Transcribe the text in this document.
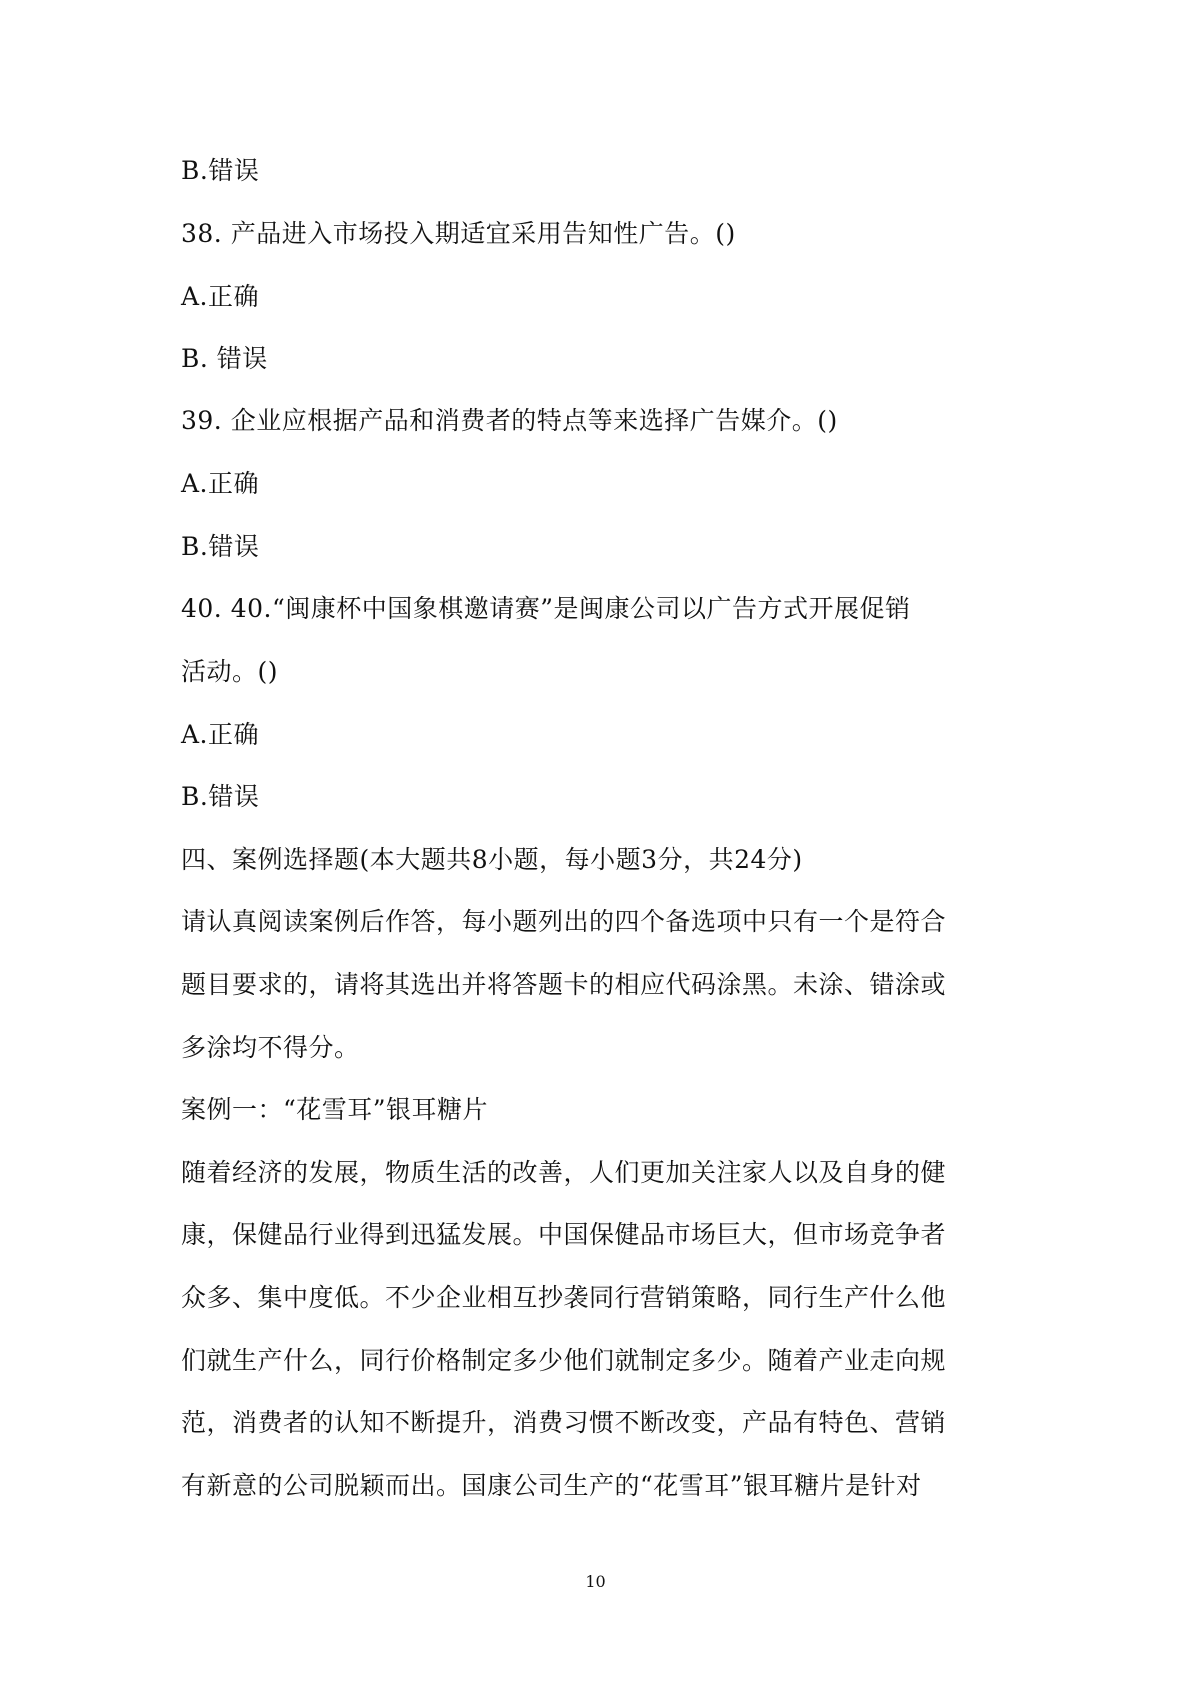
B.错误
38. 产品进入市场投入期适宜采用告知性广告。()
A.正确
B. 错误
39. 企业应根据产品和消费者的特点等来选择广告媒介。()
A.正确
B.错误
40. 40.“闽康杯中国象棋邀请赛”是闽康公司以广告方式开展促销
活动。()
A.正确
B.错误
四、案例选择题(本大题共8小题，每小题3分，共24分)
请认真阅读案例后作答，每小题列出的四个备选项中只有一个是符合
题目要求的，请将其选出并将答题卡的相应代码涂黑。未涂、错涂或
多涂均不得分。
案例一：“花雪耳”银耳糖片
随着经济的发展，物质生活的改善，人们更加关注家人以及自身的健
康，保健品行业得到迅猛发展。中国保健品市场巨大，但市场竞争者
众多、集中度低。不少企业相互抄袭同行营销策略，同行生产什么他
们就生产什么，同行价格制定多少他们就制定多少。随着产业走向规
范，消费者的认知不断提升，消费习惯不断改变，产品有特色、营销
有新意的公司脱颖而出。国康公司生产的“花雪耳”银耳糖片是针对
10
